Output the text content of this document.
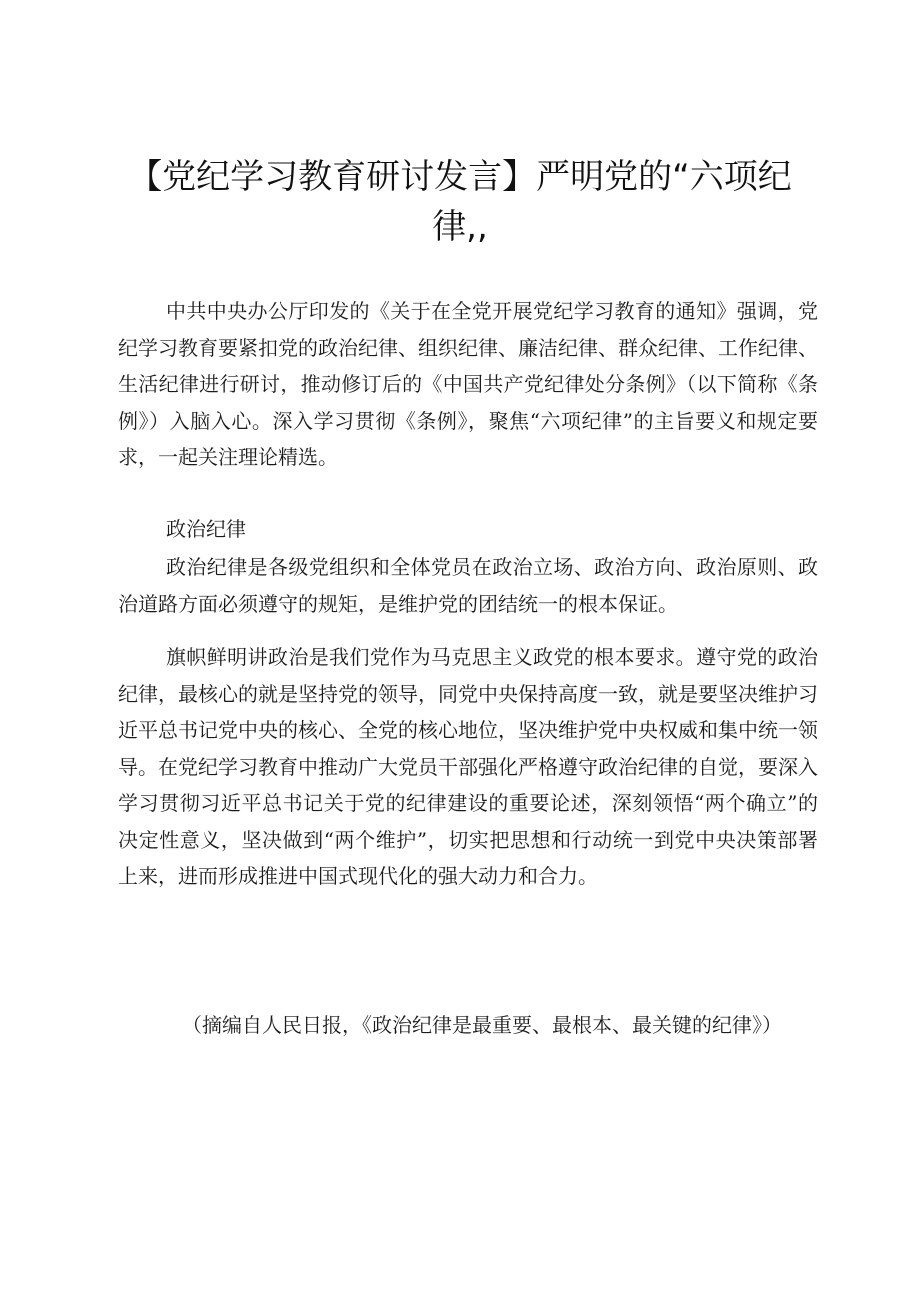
【党纪学习教育研讨发言】严明党的“六项纪律,,

中共中央办公厅印发的《关于在全党开展党纪学习教育的通知》强调，党纪学习教育要紧扣党的政治纪律、组织纪律、廉洁纪律、群众纪律、工作纪律、生活纪律进行研讨，推动修订后的《中国共产党纪律处分条例》（以下简称《条例》）入脑入心。深入学习贯彻《条例》，聚焦“六项纪律”的主旨要义和规定要求，一起关注理论精选。

政治纪律

政治纪律是各级党组织和全体党员在政治立场、政治方向、政治原则、政治道路方面必须遵守的规矩，是维护党的团结统一的根本保证。

旗帜鲜明讲政治是我们党作为马克思主义政党的根本要求。遵守党的政治纪律，最核心的就是坚持党的领导，同党中央保持高度一致，就是要坚决维护习近平总书记党中央的核心、全党的核心地位，坚决维护党中央权威和集中统一领导。在党纪学习教育中推动广大党员干部强化严格遵守政治纪律的自觉，要深入学习贯彻习近平总书记关于党的纪律建设的重要论述，深刻领悟“两个确立”的决定性意义，坚决做到“两个维护”，切实把思想和行动统一到党中央决策部署上来，进而形成推进中国式现代化的强大动力和合力。

（摘编自人民日报，《政治纪律是最重要、最根本、最关键的纪律》）
